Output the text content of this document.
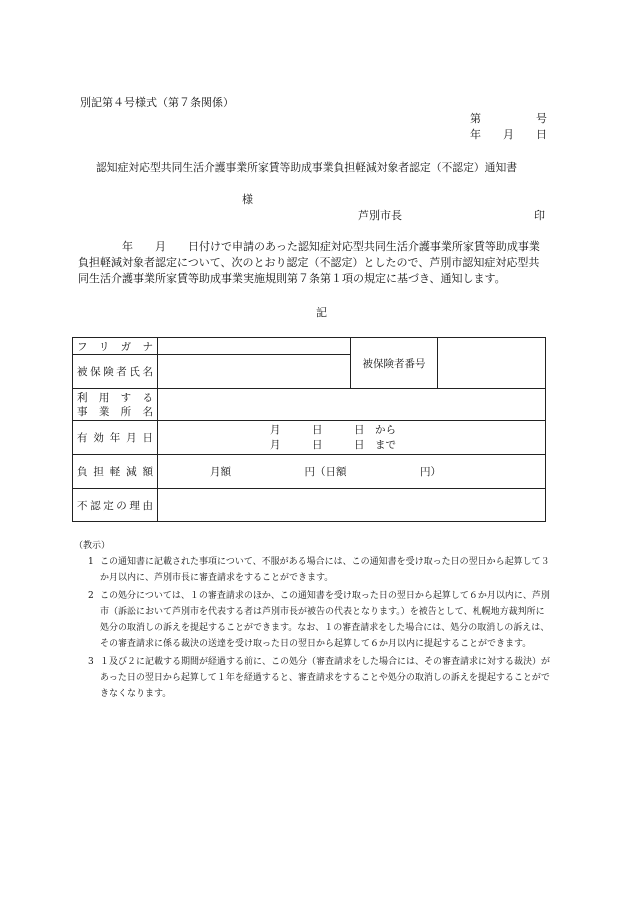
別記第４号様式（第７条関係）
第　　　　　号
年　　月　　日
認知症対応型共同生活介護事業所家賃等助成事業負担軽減対象者認定（不認定）通知書
様
芦別市長	印
年　　月　　日付けで申請のあった認知症対応型共同生活介護事業所家賃等助成事業負担軽減対象者認定について、次のとおり認定（不認定）としたので、芦別市認知症対応型共同生活介護事業所家賃等助成事業実施規則第７条第１項の規定に基づき、通知します。
記
フ リ ガ ナ		被保険者番号	
被保険者氏名			

利 用 す る
事 業 所 名			

有効年月日	月　　　日　　　日　から
月　　　日　　　日　まで		

負担軽減額	月額　　　　　　　円（日額　　　　　　　円）		
不認定の理由			
（教示）
1 この通知書に記載された事項について、不服がある場合には、この通知書を受け取った日の翌日から起算して３か月以内に、芦別市長に審査請求をすることができます。
2 この処分については、１の審査請求のほか、この通知書を受け取った日の翌日から起算して６か月以内に、芦別市（訴訟において芦別市を代表する者は芦別市長が被告の代表となります。）を被告として、札幌地方裁判所に処分の取消しの訴えを提起することができます。なお、１の審査請求をした場合には、処分の取消しの訴えは、その審査請求に係る裁決の送達を受け取った日の翌日から起算して６か月以内に提起することができます。
3 １及び２に記載する期間が経過する前に、この処分（審査請求をした場合には、その審査請求に対する裁決）があった日の翌日から起算して１年を経過すると、審査請求をすることや処分の取消しの訴えを提起することができなくなります。
